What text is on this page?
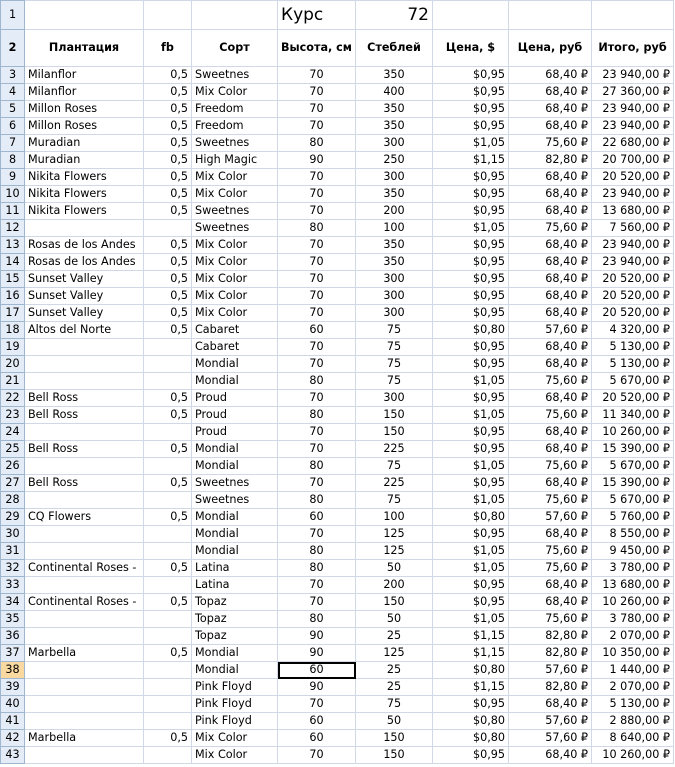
1				Курс	72			
2	Плантация	fb	Сорт	Высота, см	Стеблей	Цена, $	Цена, руб	Итого, руб
3	Milanflor	0,5	Sweetnes	70	350	$0,95	68,40 ₽	23 940,00 ₽
4	Milanflor	0,5	Mix Color	70	400	$0,95	68,40 ₽	27 360,00 ₽
5	Millon Roses	0,5	Freedom	70	350	$0,95	68,40 ₽	23 940,00 ₽
6	Millon Roses	0,5	Freedom	70	350	$0,95	68,40 ₽	23 940,00 ₽
7	Muradian	0,5	Sweetnes	80	300	$1,05	75,60 ₽	22 680,00 ₽
8	Muradian	0,5	High Magic	90	250	$1,15	82,80 ₽	20 700,00 ₽
9	Nikita Flowers	0,5	Mix Color	70	300	$0,95	68,40 ₽	20 520,00 ₽
10	Nikita Flowers	0,5	Mix Color	70	350	$0,95	68,40 ₽	23 940,00 ₽
11	Nikita Flowers	0,5	Sweetnes	70	200	$0,95	68,40 ₽	13 680,00 ₽
12			Sweetnes	80	100	$1,05	75,60 ₽	7 560,00 ₽
13	Rosas de los Andes	0,5	Mix Color	70	350	$0,95	68,40 ₽	23 940,00 ₽
14	Rosas de los Andes	0,5	Mix Color	70	350	$0,95	68,40 ₽	23 940,00 ₽
15	Sunset Valley	0,5	Mix Color	70	300	$0,95	68,40 ₽	20 520,00 ₽
16	Sunset Valley	0,5	Mix Color	70	300	$0,95	68,40 ₽	20 520,00 ₽
17	Sunset Valley	0,5	Mix Color	70	300	$0,95	68,40 ₽	20 520,00 ₽
18	Altos del Norte	0,5	Cabaret	60	75	$0,80	57,60 ₽	4 320,00 ₽
19			Cabaret	70	75	$0,95	68,40 ₽	5 130,00 ₽
20			Mondial	70	75	$0,95	68,40 ₽	5 130,00 ₽
21			Mondial	80	75	$1,05	75,60 ₽	5 670,00 ₽
22	Bell Ross	0,5	Proud	70	300	$0,95	68,40 ₽	20 520,00 ₽
23	Bell Ross	0,5	Proud	80	150	$1,05	75,60 ₽	11 340,00 ₽
24			Proud	70	150	$0,95	68,40 ₽	10 260,00 ₽
25	Bell Ross	0,5	Mondial	70	225	$0,95	68,40 ₽	15 390,00 ₽
26			Mondial	80	75	$1,05	75,60 ₽	5 670,00 ₽
27	Bell Ross	0,5	Sweetnes	70	225	$0,95	68,40 ₽	15 390,00 ₽
28			Sweetnes	80	75	$1,05	75,60 ₽	5 670,00 ₽
29	CQ Flowers	0,5	Mondial	60	100	$0,80	57,60 ₽	5 760,00 ₽
30			Mondial	70	125	$0,95	68,40 ₽	8 550,00 ₽
31			Mondial	80	125	$1,05	75,60 ₽	9 450,00 ₽
32	Continental Roses -	0,5	Latina	80	50	$1,05	75,60 ₽	3 780,00 ₽
33			Latina	70	200	$0,95	68,40 ₽	13 680,00 ₽
34	Continental Roses -	0,5	Topaz	70	150	$0,95	68,40 ₽	10 260,00 ₽
35			Topaz	80	50	$1,05	75,60 ₽	3 780,00 ₽
36			Topaz	90	25	$1,15	82,80 ₽	2 070,00 ₽
37	Marbella	0,5	Mondial	90	125	$1,15	82,80 ₽	10 350,00 ₽
38			Mondial	60	25	$0,80	57,60 ₽	1 440,00 ₽
39			Pink Floyd	90	25	$1,15	82,80 ₽	2 070,00 ₽
40			Pink Floyd	70	75	$0,95	68,40 ₽	5 130,00 ₽
41			Pink Floyd	60	50	$0,80	57,60 ₽	2 880,00 ₽
42	Marbella	0,5	Mix Color	60	150	$0,80	57,60 ₽	8 640,00 ₽
43			Mix Color	70	150	$0,95	68,40 ₽	10 260,00 ₽
